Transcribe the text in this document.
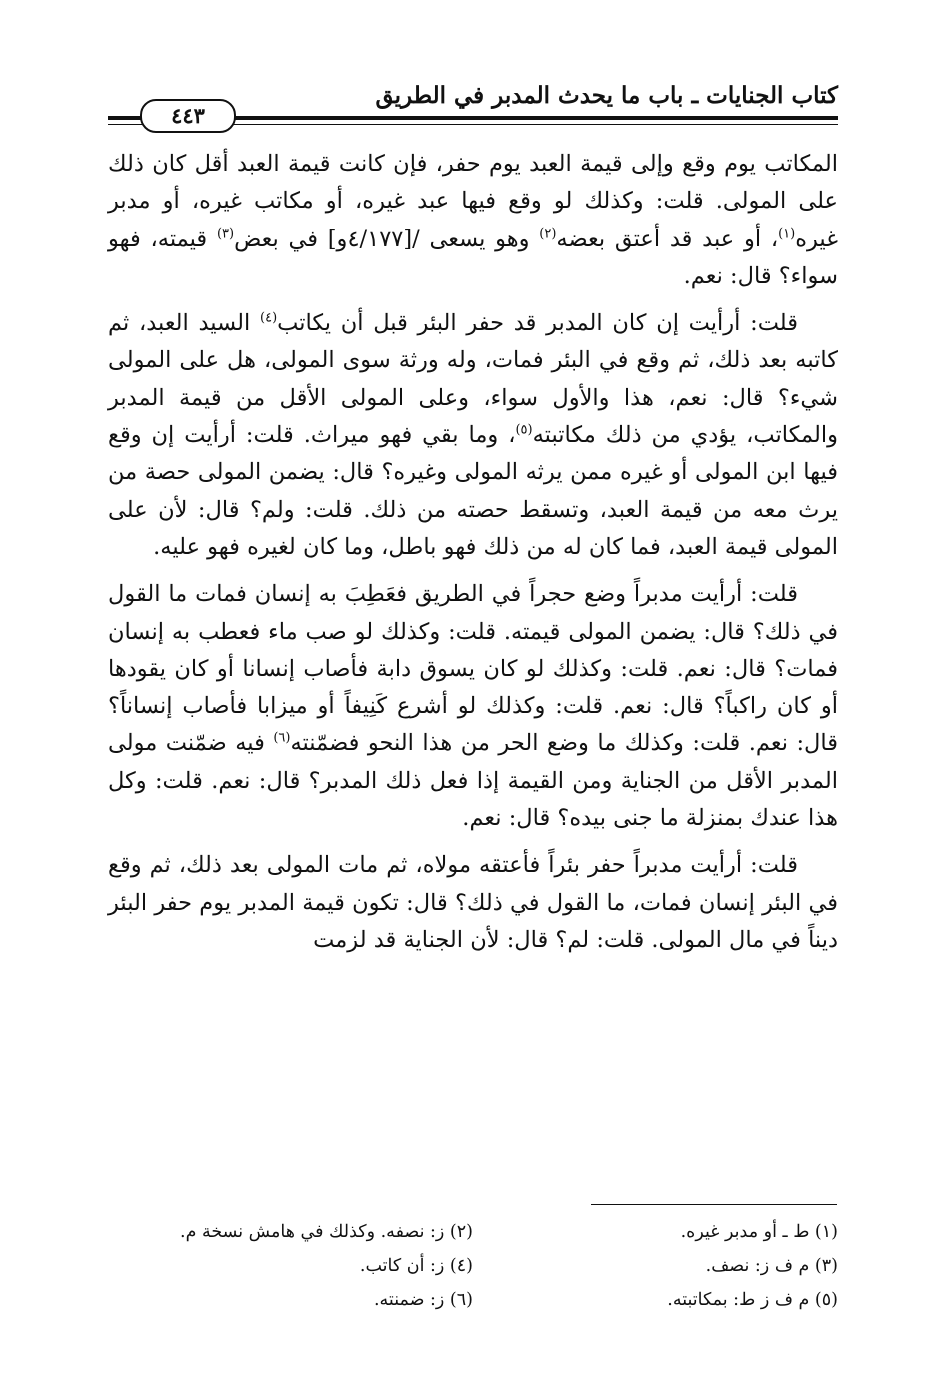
كتاب الجنايات ـ باب ما يحدث المدبر في الطريق
٤٤٣

المكاتب يوم وقع وإلى قيمة العبد يوم حفر، فإن كانت قيمة العبد أقل كان ذلك على المولى. قلت: وكذلك لو وقع فيها عبد غيره، أو مكاتب غيره، أو مدبر غيره$^{(١)}$، أو عبد قد أعتق بعضه$^{(٢)}$ وهو يسعى /[٤/١٧٧و] في بعض$^{(٣)}$ قيمته، فهو سواء؟ قال: نعم.

قلت: أرأيت إن كان المدبر قد حفر البئر قبل أن يكاتب$^{(٤)}$ السيد العبد، ثم كاتبه بعد ذلك، ثم وقع في البئر فمات، وله ورثة سوى المولى، هل على المولى شيء؟ قال: نعم، هذا والأول سواء، وعلى المولى الأقل من قيمة المدبر والمكاتب، يؤدي من ذلك مكاتبته$^{(٥)}$، وما بقي فهو ميراث. قلت: أرأيت إن وقع فيها ابن المولى أو غيره ممن يرثه المولى وغيره؟ قال: يضمن المولى حصة من يرث معه من قيمة العبد، وتسقط حصته من ذلك. قلت: ولم؟ قال: لأن على المولى قيمة العبد، فما كان له من ذلك فهو باطل، وما كان لغيره فهو عليه.

قلت: أرأيت مدبراً وضع حجراً في الطريق فعَطِبَ به إنسان فمات ما القول في ذلك؟ قال: يضمن المولى قيمته. قلت: وكذلك لو صب ماء فعطب به إنسان فمات؟ قال: نعم. قلت: وكذلك لو كان يسوق دابة فأصاب إنسانا أو كان يقودها أو كان راكباً؟ قال: نعم. قلت: وكذلك لو أشرع كَنِيفاً أو ميزابا فأصاب إنساناً؟ قال: نعم. قلت: وكذلك ما وضع الحر من هذا النحو فضمّنته$^{(٦)}$ فيه ضمّنت مولى المدبر الأقل من الجناية ومن القيمة إذا فعل ذلك المدبر؟ قال: نعم. قلت: وكل هذا عندك بمنزلة ما جنى بيده؟ قال: نعم.

قلت: أرأيت مدبراً حفر بئراً فأعتقه مولاه، ثم مات المولى بعد ذلك، ثم وقع في البئر إنسان فمات، ما القول في ذلك؟ قال: تكون قيمة المدبر يوم حفر البئر ديناً في مال المولى. قلت: لم؟ قال: لأن الجناية قد لزمت

(١) ط ـ أو مدبر غيره.
(٢) ز: نصفه. وكذلك في هامش نسخة م.
(٣) م ف ز: نصف.
(٤) ز: أن كاتب.
(٥) م ف ز ط: بمكاتبته.
(٦) ز: ضمنته.
